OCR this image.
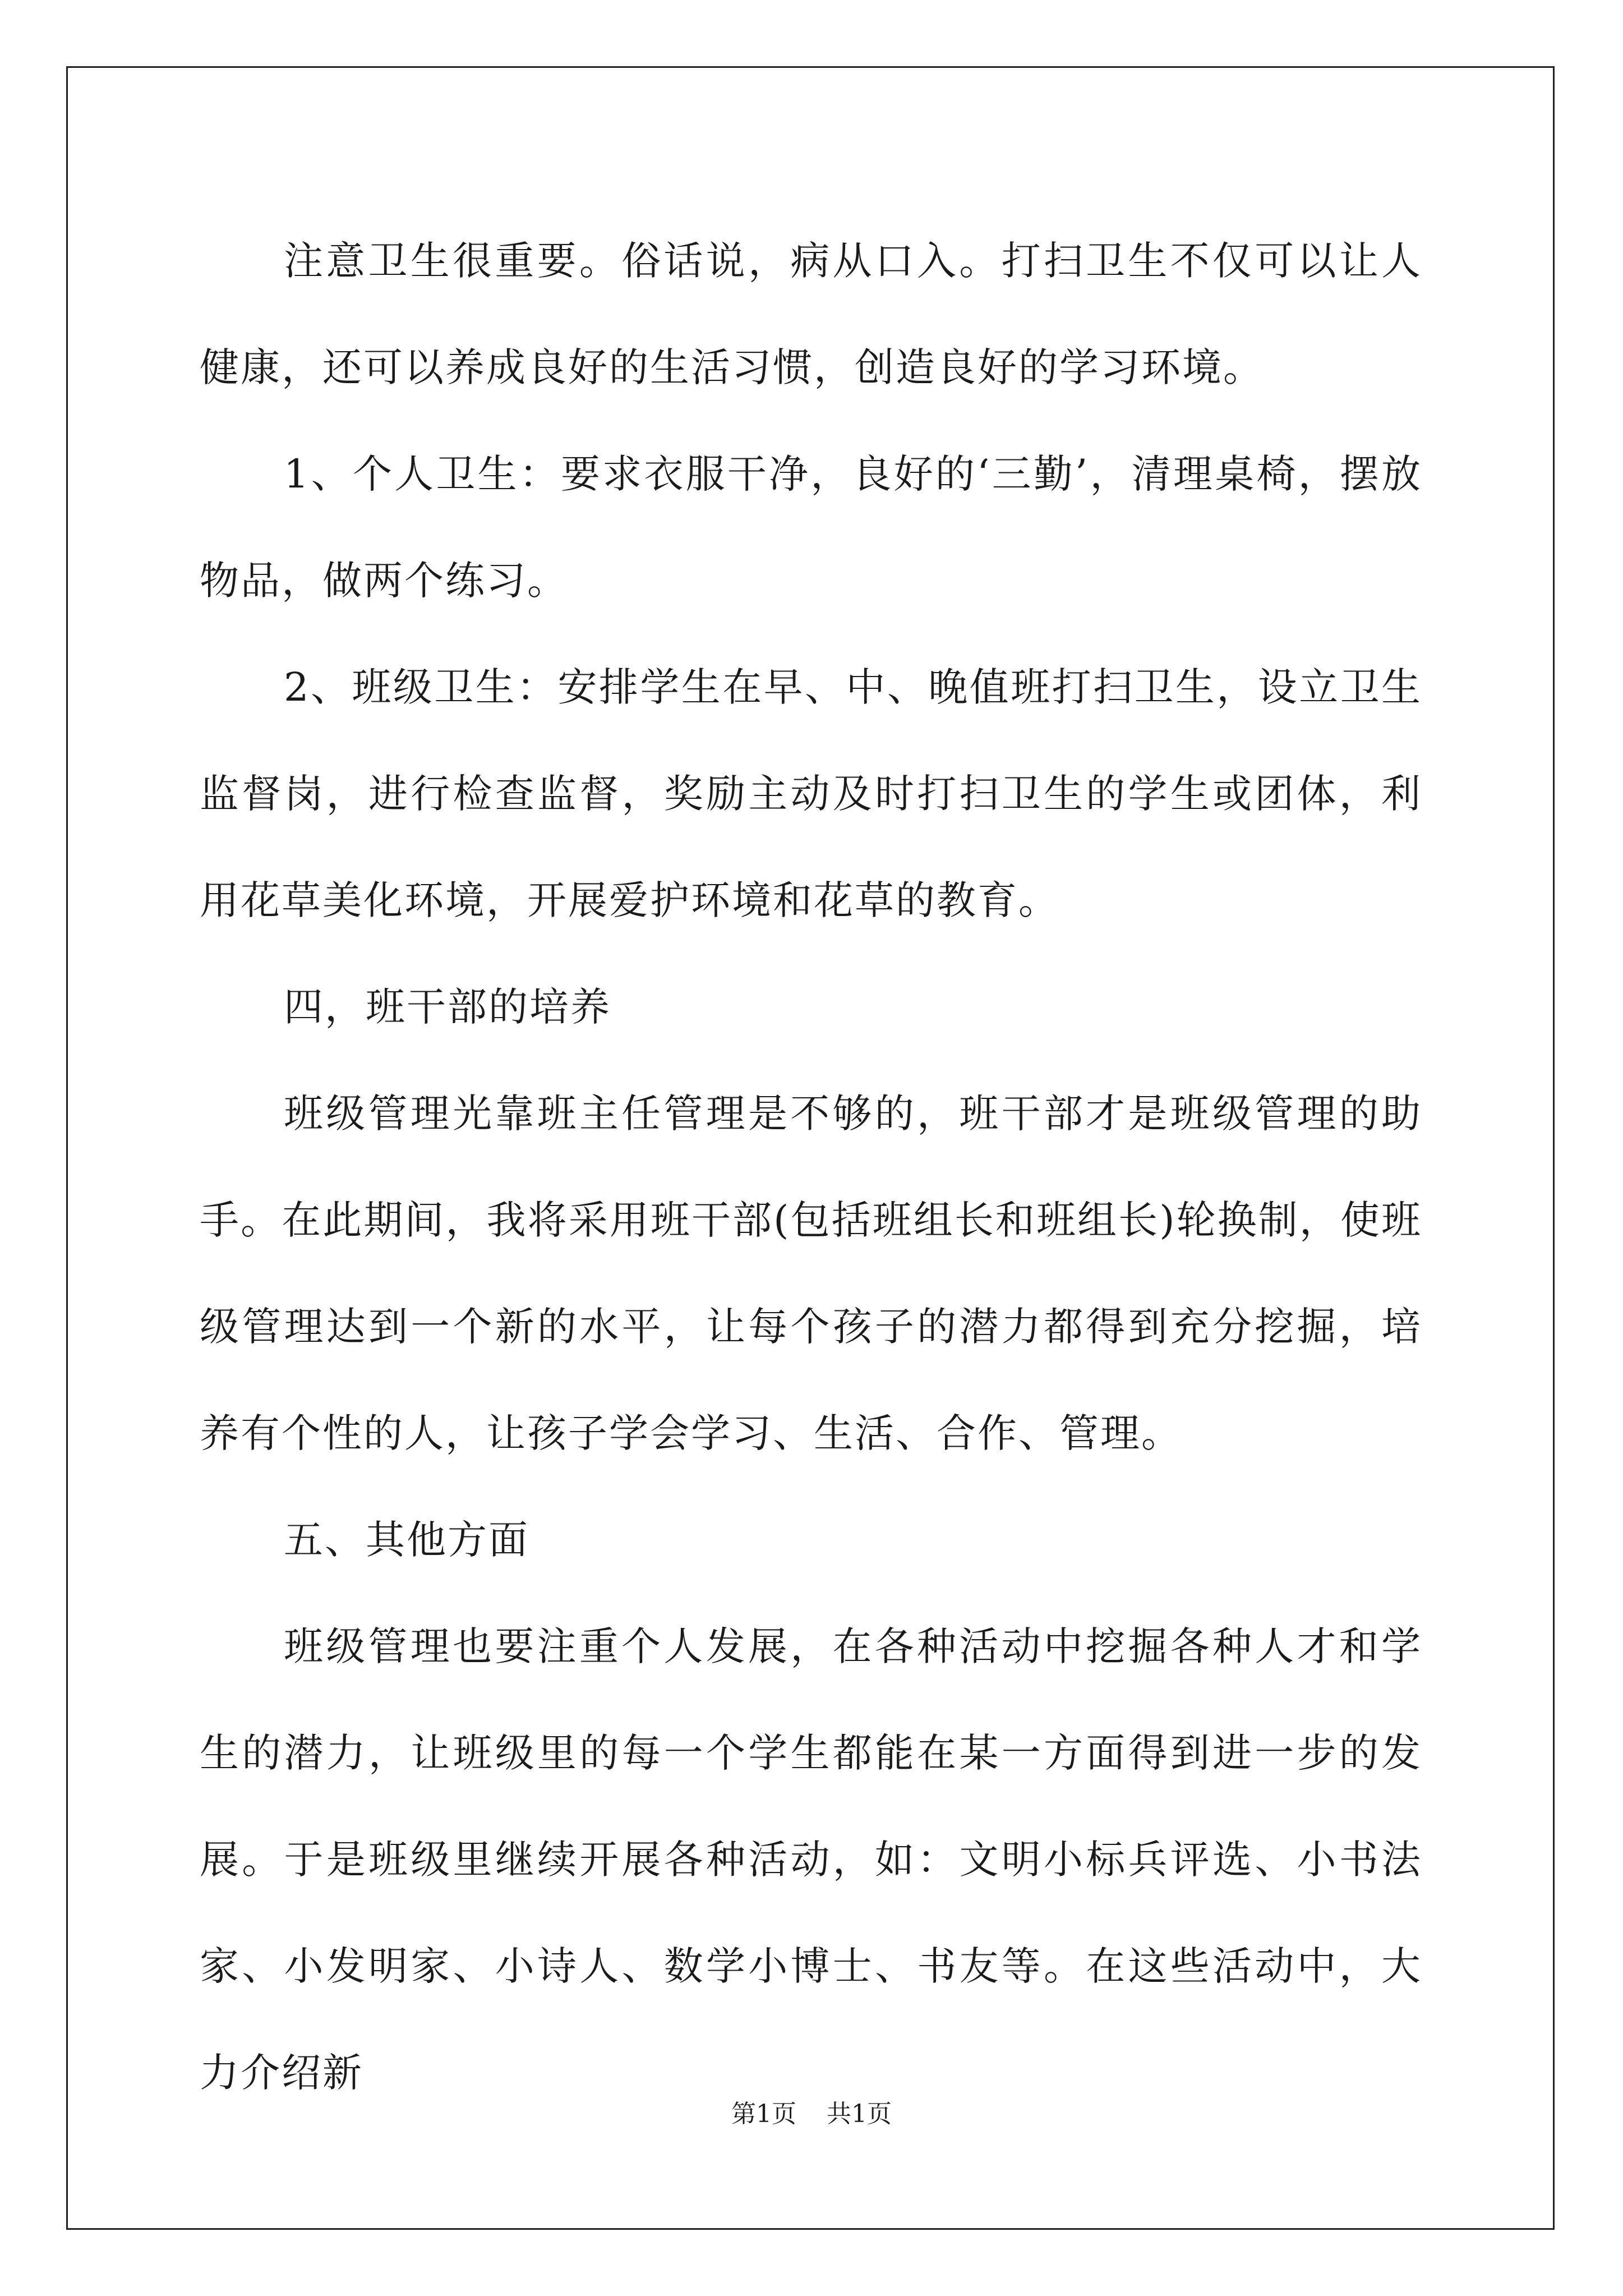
注意卫生很重要。俗话说，病从口入。打扫卫生不仅可以让人健康，还可以养成良好的生活习惯，创造良好的学习环境。

1、个人卫生：要求衣服干净，良好的‘三勤’，清理桌椅，摆放物品，做两个练习。

2、班级卫生：安排学生在早、中、晚值班打扫卫生，设立卫生监督岗，进行检查监督，奖励主动及时打扫卫生的学生或团体，利用花草美化环境，开展爱护环境和花草的教育。

四，班干部的培养

班级管理光靠班主任管理是不够的，班干部才是班级管理的助手。在此期间，我将采用班干部(包括班组长和班组长)轮换制，使班级管理达到一个新的水平，让每个孩子的潜力都得到充分挖掘，培养有个性的人，让孩子学会学习、生活、合作、管理。

五、其他方面

班级管理也要注重个人发展，在各种活动中挖掘各种人才和学生的潜力，让班级里的每一个学生都能在某一方面得到进一步的发展。于是班级里继续开展各种活动，如：文明小标兵评选、小书法家、小发明家、小诗人、数学小博士、书友等。在这些活动中，大力介绍新

第1页 共1页
